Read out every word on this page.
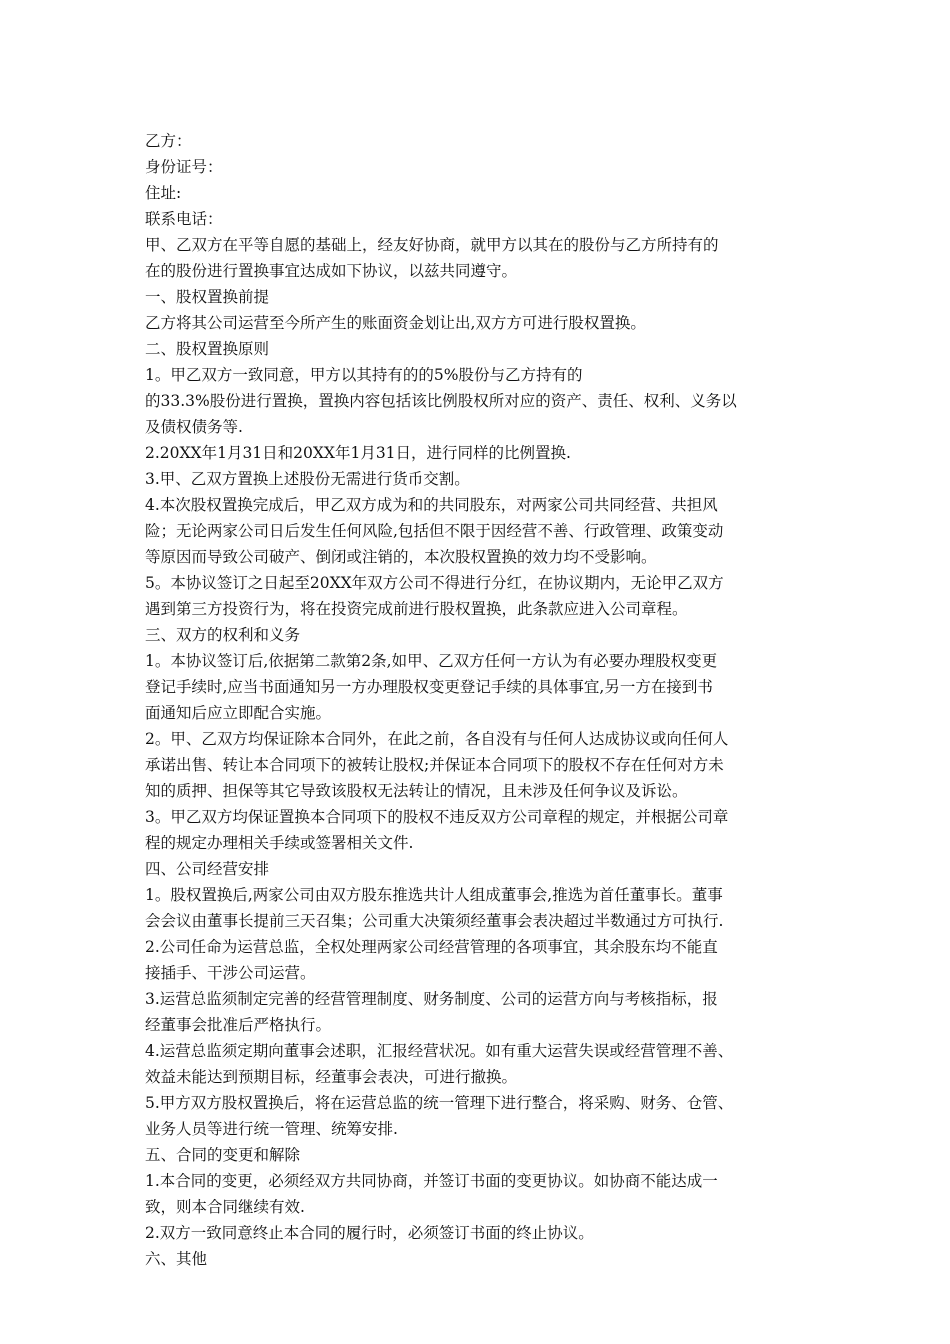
乙方：
身份证号：
住址:
联系电话：
甲、乙双方在平等自愿的基础上，经友好协商，就甲方以其在的股份与乙方所持有的
在的股份进行置换事宜达成如下协议，以兹共同遵守。
一、股权置换前提
乙方将其公司运营至今所产生的账面资金划让出,双方方可进行股权置换。
二、股权置换原则
1。甲乙双方一致同意，甲方以其持有的的5%股份与乙方持有的
的33.3%股份进行置换，置换内容包括该比例股权所对应的资产、责任、权利、义务以
及债权债务等.
2.20XX年1月31日和20XX年1月31日，进行同样的比例置换.
3.甲、乙双方置换上述股份无需进行货币交割。
4.本次股权置换完成后，甲乙双方成为和的共同股东，对两家公司共同经营、共担风
险；无论两家公司日后发生任何风险,包括但不限于因经营不善、行政管理、政策变动
等原因而导致公司破产、倒闭或注销的，本次股权置换的效力均不受影响。
5。本协议签订之日起至20XX年双方公司不得进行分红，在协议期内，无论甲乙双方
遇到第三方投资行为，将在投资完成前进行股权置换，此条款应进入公司章程。
三、双方的权利和义务
1。本协议签订后,依据第二款第2条,如甲、乙双方任何一方认为有必要办理股权变更
登记手续时,应当书面通知另一方办理股权变更登记手续的具体事宜,另一方在接到书
面通知后应立即配合实施。
2。甲、乙双方均保证除本合同外，在此之前，各自没有与任何人达成协议或向任何人
承诺出售、转让本合同项下的被转让股权;并保证本合同项下的股权不存在任何对方未
知的质押、担保等其它导致该股权无法转让的情况，且未涉及任何争议及诉讼。
3。甲乙双方均保证置换本合同项下的股权不违反双方公司章程的规定，并根据公司章
程的规定办理相关手续或签署相关文件.
四、公司经营安排
1。股权置换后,两家公司由双方股东推选共计人组成董事会,推选为首任董事长。董事
会会议由董事长提前三天召集；公司重大决策须经董事会表决超过半数通过方可执行.
2.公司任命为运营总监，全权处理两家公司经营管理的各项事宜，其余股东均不能直
接插手、干涉公司运营。
3.运营总监须制定完善的经营管理制度、财务制度、公司的运营方向与考核指标，报
经董事会批准后严格执行。
4.运营总监须定期向董事会述职，汇报经营状况。如有重大运营失误或经营管理不善、
效益未能达到预期目标，经董事会表决，可进行撤换。
5.甲方双方股权置换后，将在运营总监的统一管理下进行整合，将采购、财务、仓管、
业务人员等进行统一管理、统筹安排.
五、合同的变更和解除
1.本合同的变更，必须经双方共同协商，并签订书面的变更协议。如协商不能达成一
致，则本合同继续有效.
2.双方一致同意终止本合同的履行时，必须签订书面的终止协议。
六、其他
